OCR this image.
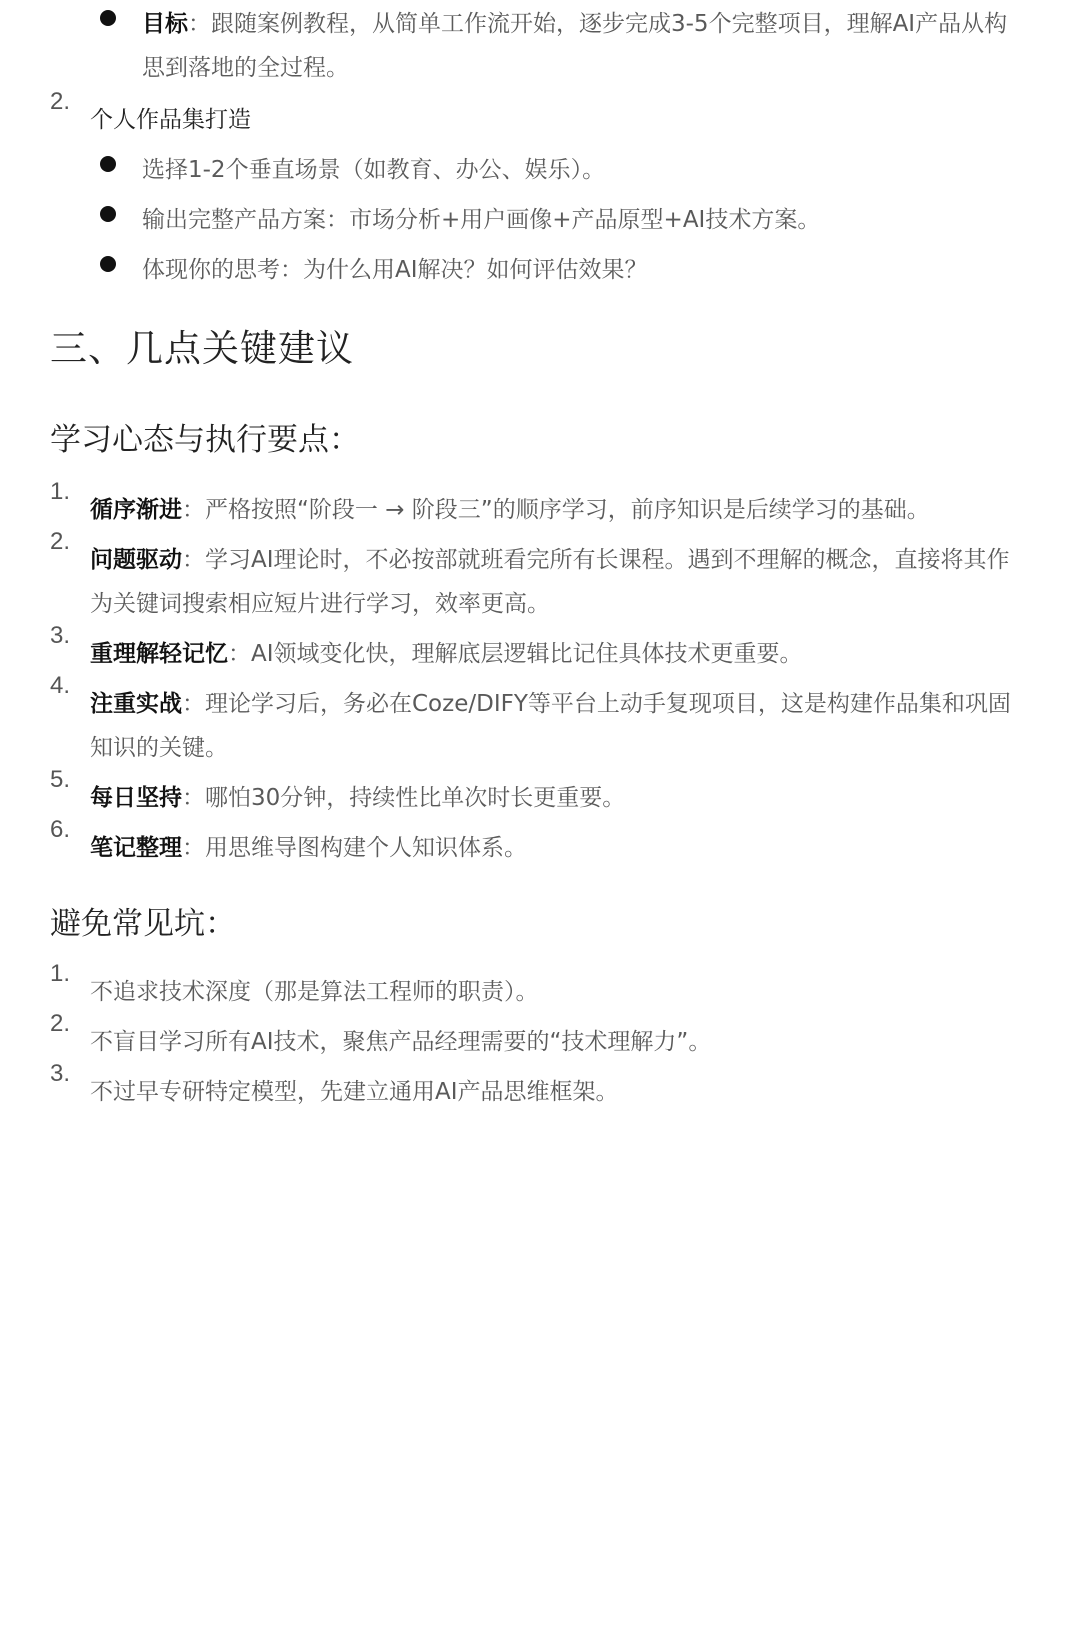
目标：跟随案例教程，从简单工作流开始，逐步完成3-5个完整项目，理解AI产品从构思到落地的全过程。
2.
个人作品集打造
选择1-2个垂直场景（如教育、办公、娱乐）。
输出完整产品方案：市场分析+用户画像+产品原型+AI技术方案。
体现你的思考：为什么用AI解决？如何评估效果？
三、几点关键建议
学习心态与执行要点：
1.
循序渐进：严格按照“阶段一 → 阶段三”的顺序学习，前序知识是后续学习的基础。
2.
问题驱动：学习AI理论时，不必按部就班看完所有长课程。遇到不理解的概念，直接将其作为关键词搜索相应短片进行学习，效率更高。
3.
重理解轻记忆：AI领域变化快，理解底层逻辑比记住具体技术更重要。
4.
注重实战：理论学习后，务必在Coze/DIFY等平台上动手复现项目，这是构建作品集和巩固知识的关键。
5.
每日坚持：哪怕30分钟，持续性比单次时长更重要。
6.
笔记整理：用思维导图构建个人知识体系。
避免常见坑：
1.
不追求技术深度（那是算法工程师的职责）。
2.
不盲目学习所有AI技术，聚焦产品经理需要的“技术理解力”。
3.
不过早专研特定模型，先建立通用AI产品思维框架。
